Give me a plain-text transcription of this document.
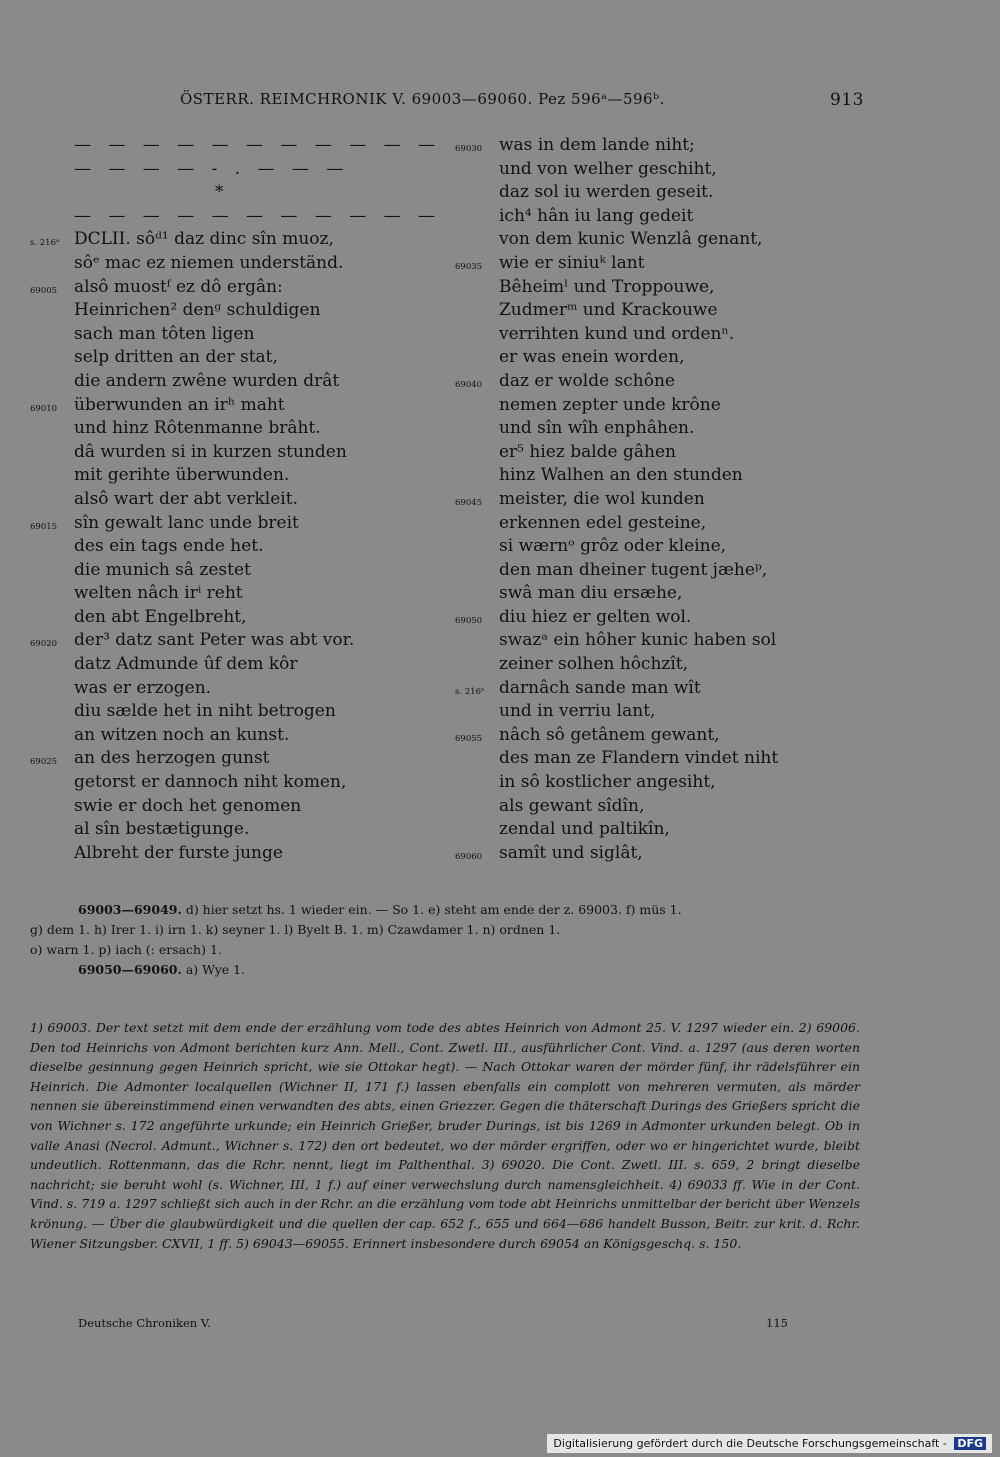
ÖSTERR. REIMCHRONIK V. 69003—69060. Pez 596ᵃ—596ᵇ.	913
— — — — — — — — — — —
— — — — - . — — —
*
— — — — — — — — — — —
s. 216ᵃ DCLII. sôᵈ¹ daz dinc sîn muoz,
sôᵉ mac ez niemen underständ.
69005 alsô muostᶠ ez dô ergân:
Heinrichen² denᵍ schuldigen
sach man tôten ligen
selp dritten an der stat,
die andern zwêne wurden drât
69010 überwunden an irʰ maht
und hinz Rôtenmanne brâht.
dâ wurden si in kurzen stunden
mit gerihte überwunden.
alsô wart der abt verkleit.
69015 sîn gewalt lanc unde breit
des ein tags ende het.
die munich sâ zestet
welten nâch irⁱ reht
den abt Engelbreht,
69020 der³ datz sant Peter was abt vor.
datz Admunde ûf dem kôr
was er erzogen.
diu sælde het in niht betrogen
an witzen noch an kunst.
69025 an des herzogen gunst
getorst er dannoch niht komen,
swie er doch het genomen
al sîn bestætigunge.
Albreht der furste junge
69030 was in dem lande niht;
und von welher geschiht,
daz sol iu werden geseit.
ich⁴ hân iu lang gedeit
von dem kunic Wenzlâ genant,
69035 wie er siniuᵏ lant
Bêheimˡ und Troppouwe,
Zudmerᵐ und Krackouwe
verrihten kund und ordenⁿ.
er was enein worden,
69040 daz er wolde schône
nemen zepter unde krône
und sîn wîh enphâhen.
er⁵ hiez balde gâhen
hinz Walhen an den stunden
69045 meister, die wol kunden
erkennen edel gesteine,
si wærnᵒ grôz oder kleine,
den man dheiner tugent jæheᵖ,
swâ man diu ersæhe,
69050 diu hiez er gelten wol.
swazᵃ ein hôher kunic haben sol
zeiner solhen hôchzît,
s. 216ᵇ darnâch sande man wît
und in verriu lant,
69055 nâch sô getânem gewant,
des man ze Flandern vindet niht
in sô kostlicher angesiht,
als gewant sîdîn,
zendal und paltikîn,
69060 samît und siglât,
69003—69049. d) hier setzt hs. 1 wieder ein. — So 1. e) steht am ende der z. 69003. f) müs 1.
g) dem 1. h) Irer 1. i) irn 1. k) seyner 1. l) Byelt B. 1. m) Czawdamer 1. n) ordnen 1.
o) warn 1. p) iach (: ersach) 1.
69050—69060. a) Wye 1.
1) 69003. Der text setzt mit dem ende der erzählung vom tode des abtes Heinrich von Admont 25. V. 1297 wieder ein. 2) 69006. Den tod Heinrichs von Admont berichten kurz Ann. Mell., Cont. Zwetl. III., ausführlicher Cont. Vind. a. 1297 (aus deren worten dieselbe gesinnung gegen Heinrich spricht, wie sie Ottokar hegt). — Nach Ottokar waren der mörder fünf, ihr rädelsführer ein Heinrich. Die Admonter localquellen (Wichner II, 171 f.) lassen ebenfalls ein complott von mehreren vermuten, als mörder nennen sie übereinstimmend einen verwandten des abts, einen Griezzer. Gegen die thäterschaft Durings des Grießers spricht die von Wichner s. 172 angeführte urkunde; ein Heinrich Grießer, bruder Durings, ist bis 1269 in Admonter urkunden belegt. Ob in valle Anasi (Necrol. Admunt., Wichner s. 172) den ort bedeutet, wo der mörder ergriffen, oder wo er hingerichtet wurde, bleibt undeutlich. Rottenmann, das die Rchr. nennt, liegt im Palthenthal. 3) 69020. Die Cont. Zwetl. III. s. 659, 2 bringt dieselbe nachricht; sie beruht wohl (s. Wichner, III, 1 f.) auf einer verwechslung durch namensgleichheit. 4) 69033 ff. Wie in der Cont. Vind. s. 719 a. 1297 schließt sich auch in der Rchr. an die erzählung vom tode abt Heinrichs unmittelbar der bericht über Wenzels krönung. — Über die glaubwürdigkeit und die quellen der cap. 652 f., 655 und 664—686 handelt Busson, Beitr. zur krit. d. Rchr. Wiener Sitzungsber. CXVII, 1 ff. 5) 69043—69055. Erinnert insbesondere durch 69054 an Königsgeschq. s. 150.
Deutsche Chroniken V.	115
Digitalisierung gefördert durch die Deutsche Forschungsgemeinschaft - DFG
